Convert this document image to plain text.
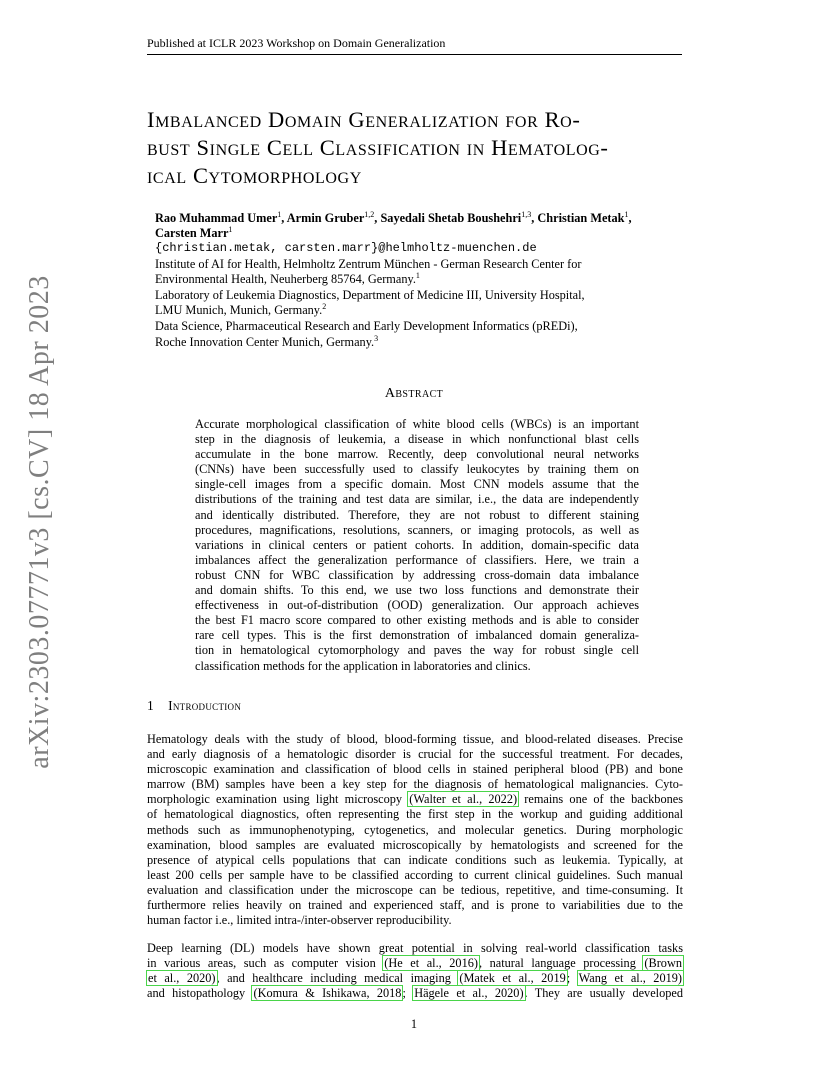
Published at ICLR 2023 Workshop on Domain Generalization
arXiv:2303.07771v3 [cs.CV] 18 Apr 2023
Imbalanced Domain Generalization for Ro-
bust Single Cell Classification in Hematolog-
ical Cytomorphology
Rao Muhammad Umer$^1$, Armin Gruber$^{1,2}$, Sayedali Shetab Boushehri$^{1,3}$, Christian Metak$^1$,
Carsten Marr$^1$
{christian.metak, carsten.marr}@helmholtz-muenchen.de
Institute of AI for Health, Helmholtz Zentrum München - German Research Center for
Environmental Health, Neuherberg 85764, Germany.$^1$
Laboratory of Leukemia Diagnostics, Department of Medicine III, University Hospital,
LMU Munich, Munich, Germany.$^2$
Data Science, Pharmaceutical Research and Early Development Informatics (pREDi),
Roche Innovation Center Munich, Germany.$^3$
Abstract
Accurate morphological classification of white blood cells (WBCs) is an important
step in the diagnosis of leukemia, a disease in which nonfunctional blast cells
accumulate in the bone marrow. Recently, deep convolutional neural networks
(CNNs) have been successfully used to classify leukocytes by training them on
single-cell images from a specific domain. Most CNN models assume that the
distributions of the training and test data are similar, i.e., the data are independently
and identically distributed. Therefore, they are not robust to different staining
procedures, magnifications, resolutions, scanners, or imaging protocols, as well as
variations in clinical centers or patient cohorts. In addition, domain-specific data
imbalances affect the generalization performance of classifiers. Here, we train a
robust CNN for WBC classification by addressing cross-domain data imbalance
and domain shifts. To this end, we use two loss functions and demonstrate their
effectiveness in out-of-distribution (OOD) generalization. Our approach achieves
the best F1 macro score compared to other existing methods and is able to consider
rare cell types. This is the first demonstration of imbalanced domain generaliza-
tion in hematological cytomorphology and paves the way for robust single cell
classification methods for the application in laboratories and clinics.
1 Introduction
Hematology deals with the study of blood, blood-forming tissue, and blood-related diseases. Precise
and early diagnosis of a hematologic disorder is crucial for the successful treatment. For decades,
microscopic examination and classification of blood cells in stained peripheral blood (PB) and bone
marrow (BM) samples have been a key step for the diagnosis of hematological malignancies. Cyto-
morphologic examination using light microscopy (Walter et al., 2022) remains one of the backbones
of hematological diagnostics, often representing the first step in the workup and guiding additional
methods such as immunophenotyping, cytogenetics, and molecular genetics. During morphologic
examination, blood samples are evaluated microscopically by hematologists and screened for the
presence of atypical cells populations that can indicate conditions such as leukemia. Typically, at
least 200 cells per sample have to be classified according to current clinical guidelines. Such manual
evaluation and classification under the microscope can be tedious, repetitive, and time-consuming. It
furthermore relies heavily on trained and experienced staff, and is prone to variabilities due to the
human factor i.e., limited intra-/inter-observer reproducibility.
Deep learning (DL) models have shown great potential in solving real-world classification tasks
in various areas, such as computer vision (He et al., 2016), natural language processing (Brown
et al., 2020), and healthcare including medical imaging (Matek et al., 2019; Wang et al., 2019)
and histopathology (Komura & Ishikawa, 2018; Hägele et al., 2020). They are usually developed
1
